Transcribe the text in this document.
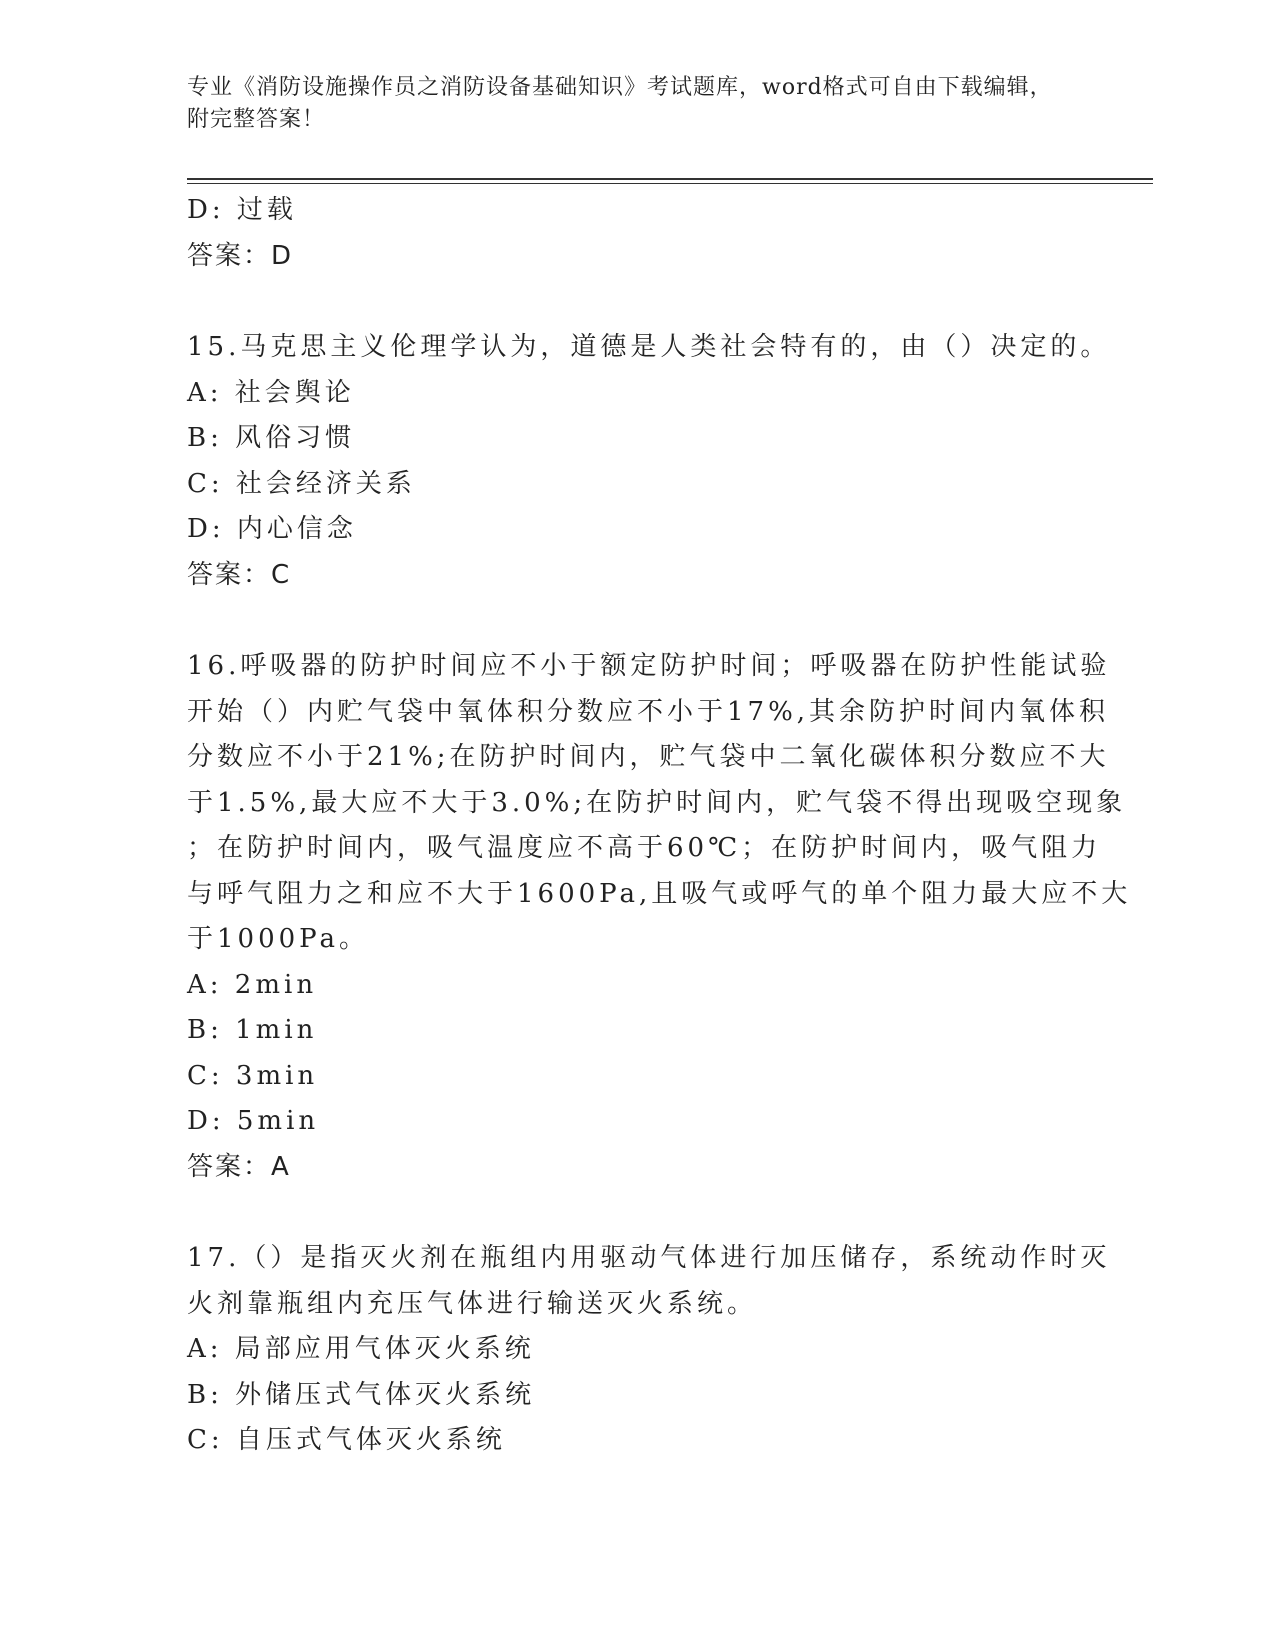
专业《消防设施操作员之消防设备基础知识》考试题库，word格式可自由下载编辑，附完整答案！
D: 过载
答案：D
15.马克思主义伦理学认为，道德是人类社会特有的，由（）决定的。
A: 社会舆论
B: 风俗习惯
C: 社会经济关系
D: 内心信念
答案：C
16.呼吸器的防护时间应不小于额定防护时间；呼吸器在防护性能试验
开始（）内贮气袋中氧体积分数应不小于17%,其余防护时间内氧体积
分数应不小于21%;在防护时间内，贮气袋中二氧化碳体积分数应不大
于1.5%,最大应不大于3.0%;在防护时间内，贮气袋不得出现吸空现象
；在防护时间内，吸气温度应不高于60℃；在防护时间内，吸气阻力
与呼气阻力之和应不大于1600Pa,且吸气或呼气的单个阻力最大应不大
于1000Pa。
A: 2min
B: 1min
C: 3min
D: 5min
答案：A
17.（）是指灭火剂在瓶组内用驱动气体进行加压储存，系统动作时灭
火剂靠瓶组内充压气体进行输送灭火系统。
A: 局部应用气体灭火系统
B: 外储压式气体灭火系统
C: 自压式气体灭火系统
